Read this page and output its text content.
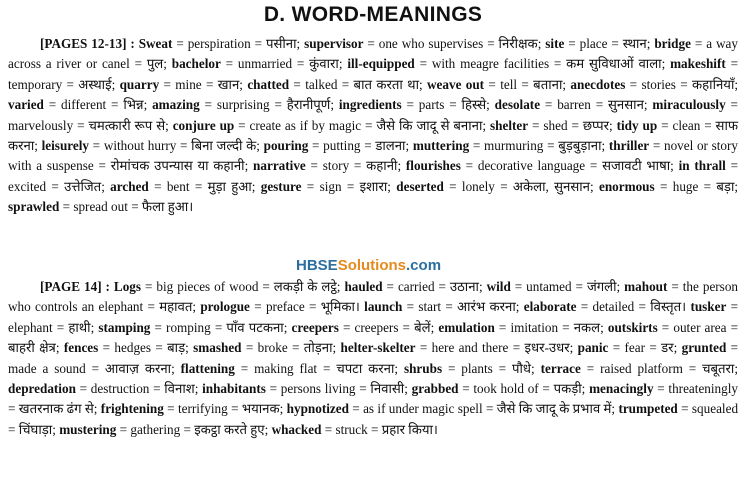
D. WORD-MEANINGS
[PAGES 12-13] : Sweat = perspiration = पसीना; supervisor = one who supervises = निरीक्षक; site = place = स्थान; bridge = a way across a river or canel = पुल; bachelor = unmarried = कुंवारा; ill-equipped = with meagre facilities = कम सुविधाओं वाला; makeshift = temporary = अस्थाई; quarry = mine = खान; chatted = talked = बात करता था; weave out = tell = बताना; anecdotes = stories = कहानियाँ; varied = different = भिन्न; amazing = surprising = हैरानीपूर्ण; ingredients = parts = हिस्से; desolate = barren = सुनसान; miraculously = marvelously = चमत्कारी रूप से; conjure up = create as if by magic = जैसे कि जादू से बनाना; shelter = shed = छप्पर; tidy up = clean = साफ करना; leisurely = without hurry = बिना जल्दी के; pouring = putting = डालना; muttering = murmuring = बुड़बुड़ाना; thriller = novel or story with a suspense = रोमांचक उपन्यास या कहानी; narrative = story = कहानी; flourishes = decorative language = सजावटी भाषा; in thrall = excited = उत्तेजित; arched = bent = मुड़ा हुआ; gesture = sign = इशारा; deserted = lonely = अकेला, सुनसान; enormous = huge = बड़ा; sprawled = spread out = फैला हुआ।
HBSESolutions.com
[PAGE 14] : Logs = big pieces of wood = लकड़ी के लट्ठे; hauled = carried = उठाना; wild = untamed = जंगली; mahout = the person who controls an elephant = महावत; prologue = preface = भूमिका। launch = start = आरंभ करना; elaborate = detailed = विस्तृत। tusker = elephant = हाथी; stamping = romping = पाँव पटकना; creepers = creepers = बेलें; emulation = imitation = नकल; outskirts = outer area = बाहरी क्षेत्र; fences = hedges = बाड़; smashed = broke = तोड़ना; helter-skelter = here and there = इधर-उधर; panic = fear = डर; grunted = made a sound = आवाज़ करना; flattening = making flat = चपटा करना; shrubs = plants = पौधे; terrace = raised platform = चबूतरा; depredation = destruction = विनाश; inhabitants = persons living = निवासी; grabbed = took hold of = पकड़ी; menacingly = threateningly = खतरनाक ढंग से; frightening = terrifying = भयानक; hypnotized = as if under magic spell = जैसे कि जादू के प्रभाव में; trumpeted = squealed = चिंघाड़ा; mustering = gathering = इकट्ठा करते हुए; whacked = struck = प्रहार किया।
